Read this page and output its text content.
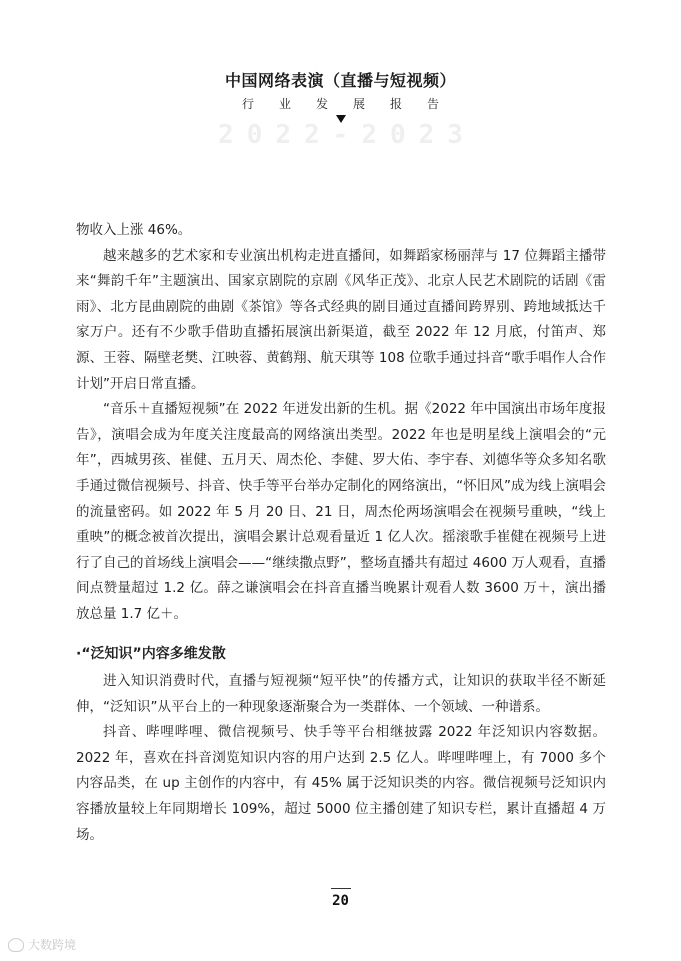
中国网络表演（直播与短视频）
行业发展报告
2022-2023

物收入上涨 46%。

越来越多的艺术家和专业演出机构走进直播间，如舞蹈家杨丽萍与 17 位舞蹈主播带来“舞韵千年”主题演出、国家京剧院的京剧《风华正茂》、北京人民艺术剧院的话剧《雷雨》、北方昆曲剧院的曲剧《茶馆》等各式经典的剧目通过直播间跨界别、跨地域抵达千家万户。还有不少歌手借助直播拓展演出新渠道，截至 2022 年 12 月底，付笛声、郑源、王蓉、隔壁老樊、江映蓉、黄鹤翔、航天琪等 108 位歌手通过抖音“歌手唱作人合作计划”开启日常直播。

“音乐＋直播短视频”在 2022 年迸发出新的生机。据《2022 年中国演出市场年度报告》，演唱会成为年度关注度最高的网络演出类型。2022 年也是明星线上演唱会的“元年”，西城男孩、崔健、五月天、周杰伦、李健、罗大佑、李宇春、刘德华等众多知名歌手通过微信视频号、抖音、快手等平台举办定制化的网络演出，“怀旧风”成为线上演唱会的流量密码。如 2022 年 5 月 20 日、21 日，周杰伦两场演唱会在视频号重映，“线上重映”的概念被首次提出，演唱会累计总观看量近 1 亿人次。摇滚歌手崔健在视频号上进行了自己的首场线上演唱会——“继续撒点野”，整场直播共有超过 4600 万人观看，直播间点赞量超过 1.2 亿。薛之谦演唱会在抖音直播当晚累计观看人数 3600 万＋，演出播放总量 1.7 亿＋。

·“泛知识”内容多维发散

进入知识消费时代，直播与短视频“短平快”的传播方式，让知识的获取半径不断延伸，“泛知识”从平台上的一种现象逐渐聚合为一类群体、一个领域、一种谱系。

抖音、哔哩哔哩、微信视频号、快手等平台相继披露 2022 年泛知识内容数据。2022 年，喜欢在抖音浏览知识内容的用户达到 2.5 亿人。哔哩哔哩上，有 7000 多个内容品类，在 up 主创作的内容中，有 45% 属于泛知识类的内容。微信视频号泛知识内容播放量较上年同期增长 109%，超过 5000 位主播创建了知识专栏，累计直播超 4 万场。

20
大数跨境
